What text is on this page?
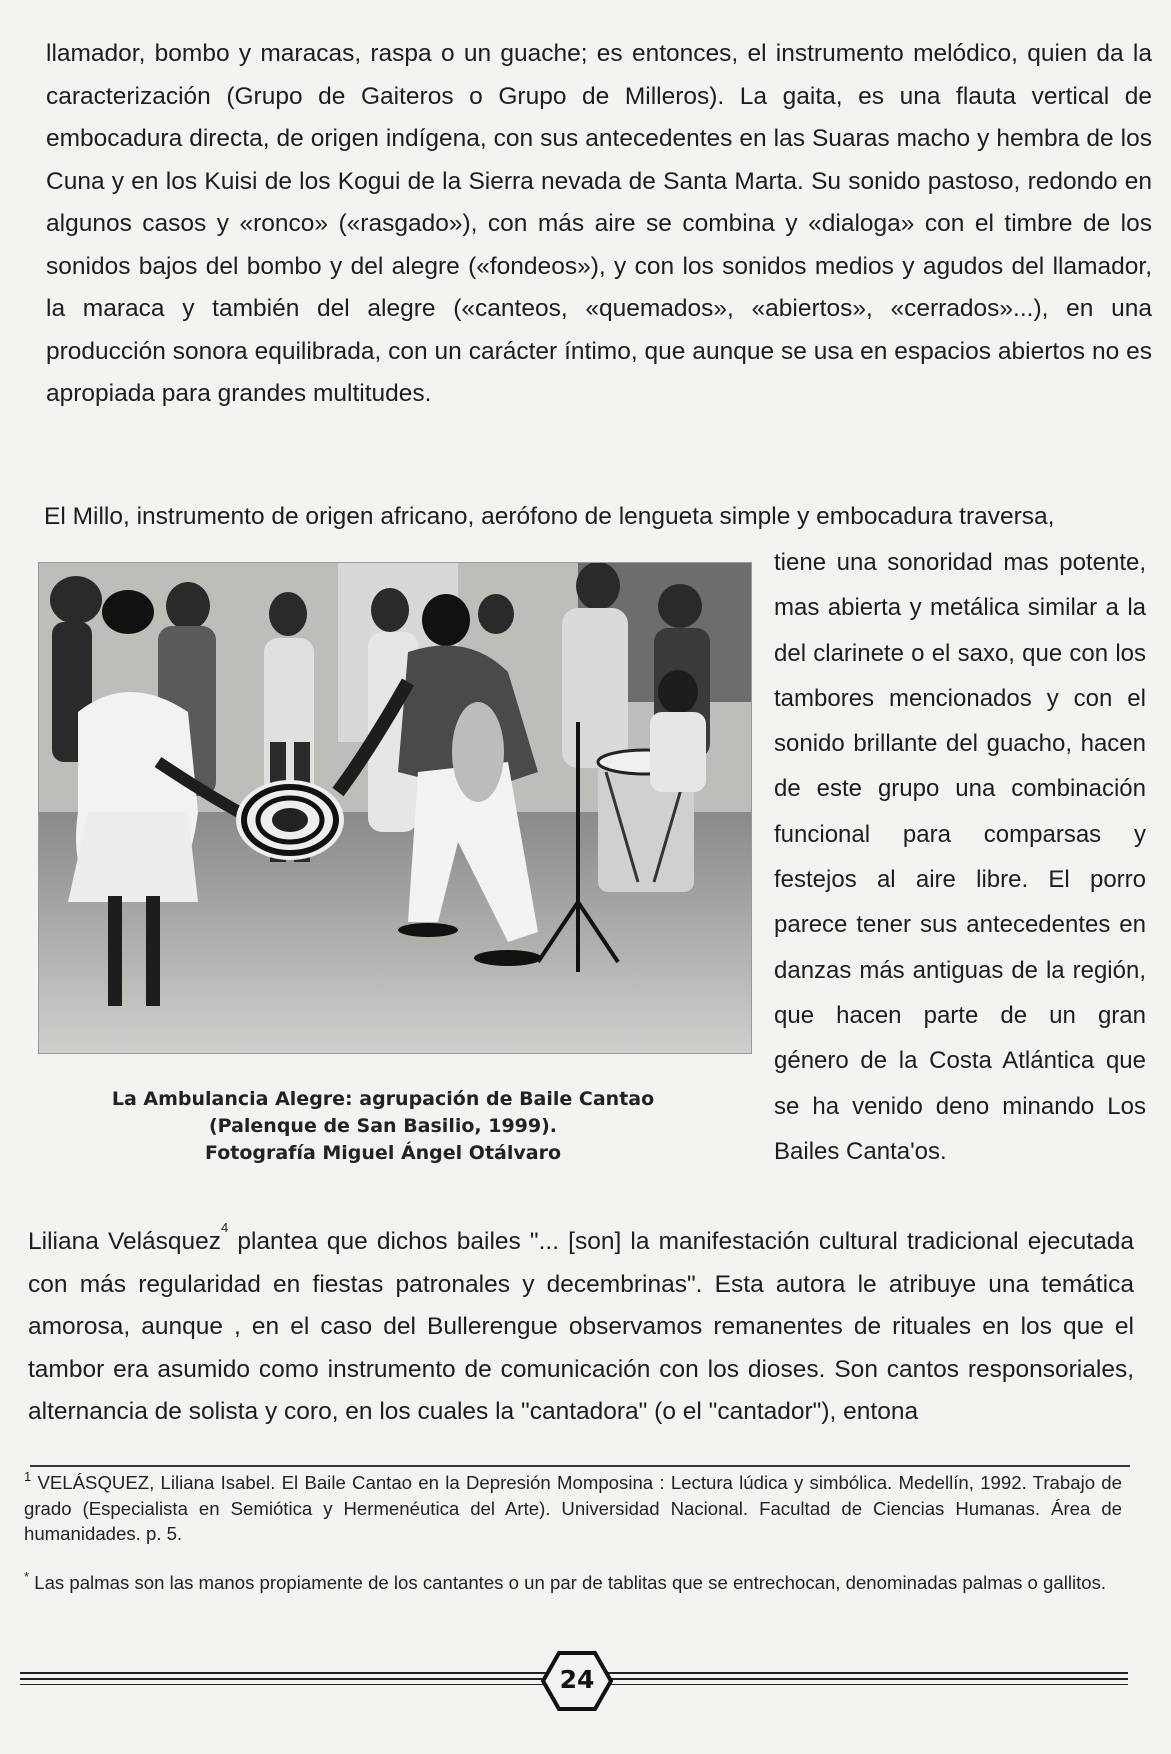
llamador, bombo y maracas, raspa o un guache; es entonces, el instrumento melódico, quien da la caracterización (Grupo de Gaiteros o Grupo de Milleros). La gaita, es una flauta vertical de embocadura directa, de origen indígena, con sus antecedentes en las Suaras macho y hembra de los Cuna y en los Kuisi de los Kogui de la Sierra nevada de Santa Marta. Su sonido pastoso, redondo en algunos casos y «ronco» («rasgado»), con más aire se combina y «dialoga» con el timbre de los sonidos bajos del bombo y del alegre («fondeos»), y con los sonidos medios y agudos del llamador, la maraca y también del alegre («canteos, «quemados», «abiertos», «cerrados»...), en una producción sonora equilibrada, con un carácter íntimo, que aunque se usa en espacios abiertos no es apropiada para grandes multitudes.

El Millo, instrumento de origen africano, aerófono de lengueta simple y embocadura traversa,

tiene una sonoridad mas potente, mas abierta y metálica similar a la del clarinete o el saxo, que con los tambores mencionados y con el sonido brillante del guacho, hacen de este grupo una combinación funcional para comparsas y festejos al aire libre. El porro parece tener sus antecedentes en danzas más antiguas de la región, que hacen parte de un gran género de la Costa Atlántica que se ha venido deno minando Los Bailes Canta'os.

La Ambulancia Alegre: agrupación de Baile Cantao
(Palenque de San Basilio, 1999).
Fotografía Miguel Ángel Otálvaro

Liliana Velásquez$^4$ plantea que dichos bailes "... [son] la manifestación cultural tradicional ejecutada con más regularidad en fiestas patronales y decembrinas". Esta autora le atribuye una temática amorosa, aunque , en el caso del Bullerengue observamos remanentes de rituales en los que el tambor era asumido como instrumento de comunicación con los dioses. Son cantos responsoriales, alternancia de solista y coro, en los cuales la "cantadora" (o el "cantador"), entona

$^1$ VELÁSQUEZ, Liliana Isabel. El Baile Cantao en la Depresión Momposina : Lectura lúdica y simbólica. Medellín, 1992. Trabajo de grado (Especialista en Semiótica y Hermenéutica del Arte). Universidad Nacional. Facultad de Ciencias Humanas. Área de humanidades. p. 5.

* Las palmas son las manos propiamente de los cantantes o un par de tablitas que se entrechocan, denominadas palmas o gallitos.

24
